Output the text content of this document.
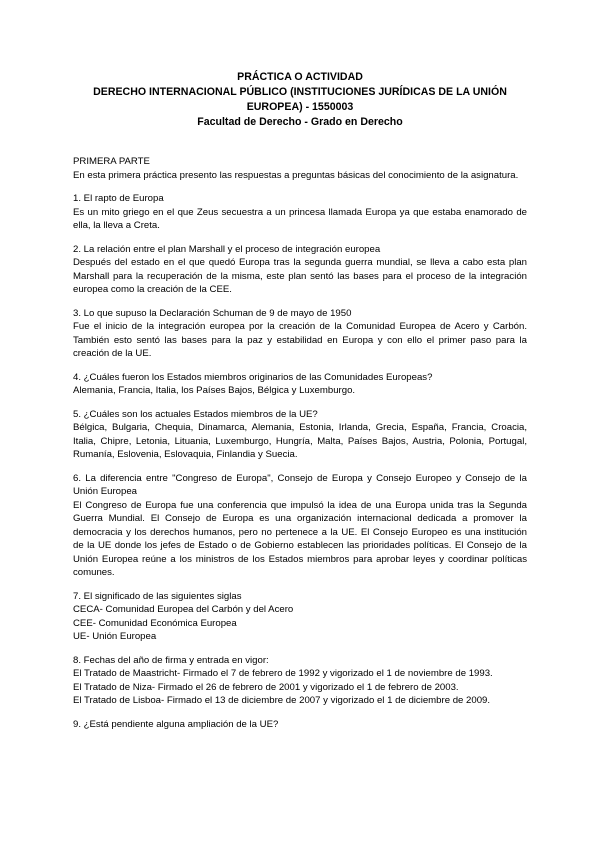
PRÁCTICA O ACTIVIDAD
DERECHO INTERNACIONAL PÚBLICO (INSTITUCIONES JURÍDICAS DE LA UNIÓN EUROPEA) - 1550003
Facultad de Derecho - Grado en Derecho

PRIMERA PARTE

En esta primera práctica presento las respuestas a preguntas básicas del conocimiento de la asignatura.

1. El rapto de Europa

Es un mito griego en el que Zeus secuestra a un princesa llamada Europa ya que estaba enamorado de ella, la lleva a Creta.

2. La relación entre el plan Marshall y el proceso de integración europea

Después del estado en el que quedó Europa tras la segunda guerra mundial, se lleva a cabo esta plan Marshall para la recuperación de la misma, este plan sentó las bases para el proceso de la integración europea como la creación de la CEE.

3. Lo que supuso la Declaración Schuman de 9 de mayo de 1950

Fue el inicio de la integración europea por la creación de la Comunidad Europea de Acero y Carbón. También esto sentó las bases para la paz y estabilidad en Europa y con ello el primer paso para la creación de la UE.

4. ¿Cuáles fueron los Estados miembros originarios de las Comunidades Europeas?

Alemania, Francia, Italia, los Países Bajos, Bélgica y Luxemburgo.

5. ¿Cuáles son los actuales Estados miembros de la UE?

Bélgica, Bulgaria, Chequia, Dinamarca, Alemania, Estonia, Irlanda, Grecia, España, Francia, Croacia, Italia, Chipre, Letonia, Lituania, Luxemburgo, Hungría, Malta, Países Bajos, Austria, Polonia, Portugal, Rumanía, Eslovenia, Eslovaquia, Finlandia y Suecia.

6. La diferencia entre "Congreso de Europa", Consejo de Europa y Consejo Europeo y Consejo de la Unión Europea

El Congreso de Europa fue una conferencia que impulsó la idea de una Europa unida tras la Segunda Guerra Mundial. El Consejo de Europa es una organización internacional dedicada a promover la democracia y los derechos humanos, pero no pertenece a la UE. El Consejo Europeo es una institución de la UE donde los jefes de Estado o de Gobierno establecen las prioridades políticas. El Consejo de la Unión Europea reúne a los ministros de los Estados miembros para aprobar leyes y coordinar políticas comunes.

7. El significado de las siguientes siglas

CECA- Comunidad Europea del Carbón y del Acero

CEE- Comunidad Económica Europea

UE- Unión Europea

8. Fechas del año de firma y entrada en vigor:

El Tratado de Maastricht- Firmado el 7 de febrero de 1992 y vigorizado el 1 de noviembre de 1993.

El Tratado de Niza- Firmado el 26 de febrero de 2001 y vigorizado el 1 de febrero de 2003.

El Tratado de Lisboa- Firmado el 13 de diciembre de 2007 y vigorizado el 1 de diciembre de 2009.

9. ¿Está pendiente alguna ampliación de la UE?
